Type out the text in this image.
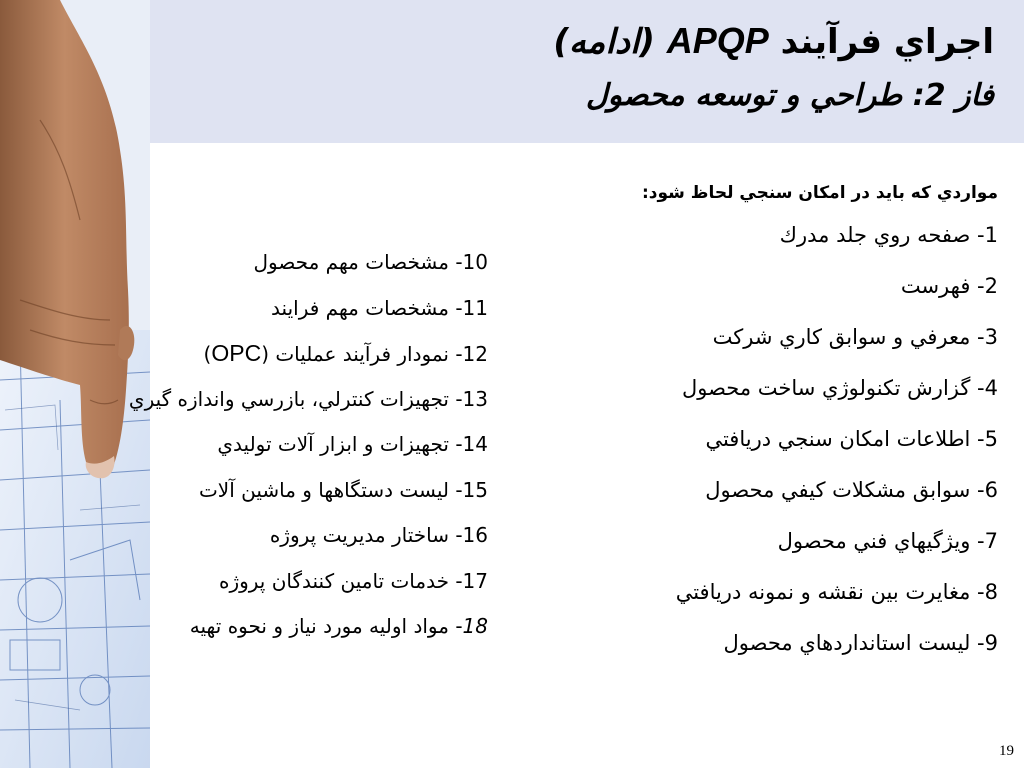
اجراي فرآيند APQP (ادامه)
فاز 2: طراحي و توسعه محصول
مواردي كه بايد در امكان سنجي لحاظ شود:
1- صفحه روي جلد مدرك
2- فهرست
3- معرفي و سوابق كاري شركت
4- گزارش تكنولوژي ساخت محصول
5- اطلاعات امكان سنجي دريافتي
6- سوابق مشكلات كيفي محصول
7- ويژگيهاي فني محصول
8- مغايرت بين نقشه و نمونه دريافتي
9- ليست استانداردهاي محصول
10- مشخصات مهم محصول
11- مشخصات مهم فرايند
12- نمودار فرآيند عمليات (OPC)
13- تجهيزات كنترلي، بازرسي واندازه گيري
14- تجهيزات و ابزار آلات توليدي
15- ليست دستگاهها و ماشين آلات
16- ساختار مديريت پروژه
17- خدمات تامين كنندگان پروژه
18- مواد اوليه مورد نياز و نحوه تهيه
19
